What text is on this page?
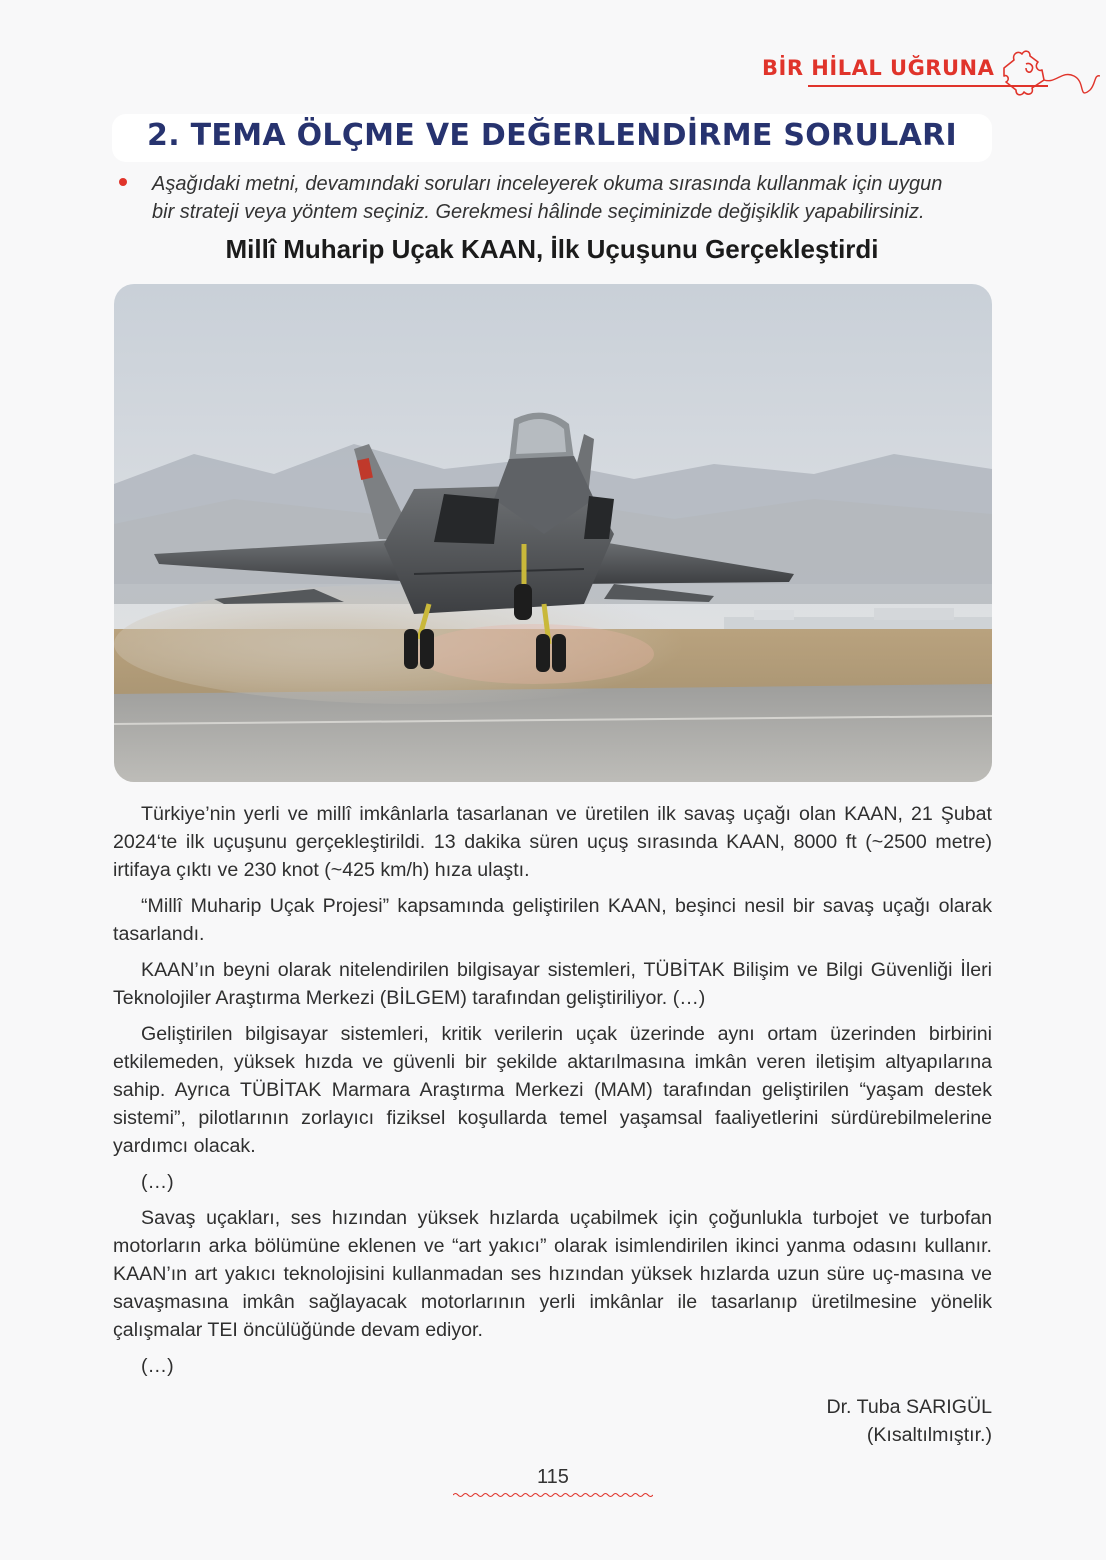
BİR HİLAL UĞRUNA
2. TEMA ÖLÇME VE DEĞERLENDİRME SORULARI
Aşağıdaki metni, devamındaki soruları inceleyerek okuma sırasında kullanmak için uygun
bir strateji veya yöntem seçiniz. Gerekmesi hâlinde seçiminizde değişiklik yapabilirsiniz.
Millî Muharip Uçak KAAN, İlk Uçuşunu Gerçekleştirdi

Türkiye’nin yerli ve millî imkânlarla tasarlanan ve üretilen ilk savaş uçağı olan KAAN, 21 Şubat 2024‘te ilk uçuşunu gerçekleştirildi. 13 dakika süren uçuş sırasında KAAN, 8000 ft (~2500 metre) irtifaya çıktı ve 230 knot (~425 km/h) hıza ulaştı.

“Millî Muharip Uçak Projesi” kapsamında geliştirilen KAAN, beşinci nesil bir savaş uçağı olarak tasarlandı.

KAAN’ın beyni olarak nitelendirilen bilgisayar sistemleri, TÜBİTAK Bilişim ve Bilgi Güvenliği İleri Teknolojiler Araştırma Merkezi (BİLGEM) tarafından geliştiriliyor. (…)

Geliştirilen bilgisayar sistemleri, kritik verilerin uçak üzerinde aynı ortam üzerinden birbirini etkilemeden, yüksek hızda ve güvenli bir şekilde aktarılmasına imkân veren iletişim altyapılarına sahip. Ayrıca TÜBİTAK Marmara Araştırma Merkezi (MAM) tarafından geliştirilen “yaşam destek sistemi”, pilotlarının zorlayıcı fiziksel koşullarda temel yaşamsal faaliyetlerini sürdürebilmelerine yardımcı olacak.

(…)

Savaş uçakları, ses hızından yüksek hızlarda uçabilmek için çoğunlukla turbojet ve turbofan motorların arka bölümüne eklenen ve “art yakıcı” olarak isimlendirilen ikinci yanma odasını kullanır. KAAN’ın art yakıcı teknolojisini kullanmadan ses hızından yüksek hızlarda uzun süre uç-masına ve savaşmasına imkân sağlayacak motorlarının yerli imkânlar ile tasarlanıp üretilmesine yönelik çalışmalar TEI öncülüğünde devam ediyor.

(…)

Dr. Tuba SARIGÜL
(Kısaltılmıştır.)
115
